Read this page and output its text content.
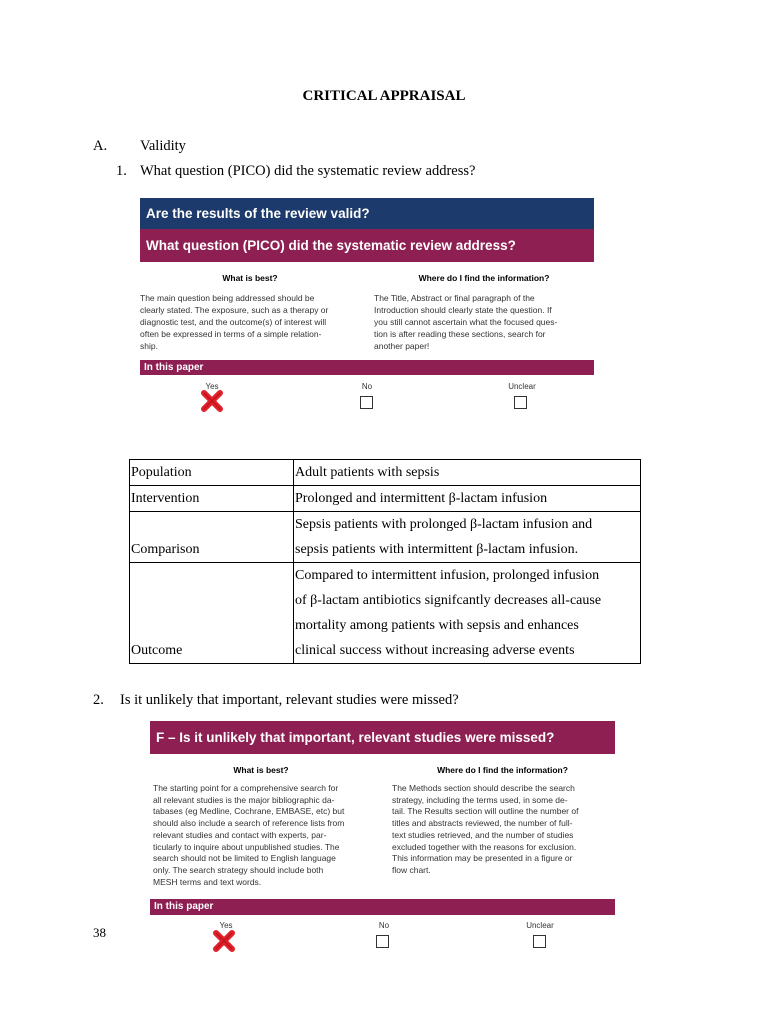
CRITICAL APPRAISAL
A. Validity
1. What question (PICO) did the systematic review address?
Are the results of the review valid?
What question (PICO) did the systematic review address?
What is best?	Where do I find the information?
The main question being addressed should be
clearly stated. The exposure, such as a therapy or
diagnostic test, and the outcome(s) of interest will
often be expressed in terms of a simple relation-
ship.
The Title, Abstract or final paragraph of the
Introduction should clearly state the question. If
you still cannot ascertain what the focused ques-
tion is after reading these sections, search for
another paper!
In this paper
Yes	No	Unclear
Population	Adult patients with sepsis

Intervention	Prolonged and intermittent β-lactam infusion

Comparison	Sepsis patients with prolonged β-lactam infusion and
sepsis patients with intermittent β-lactam infusion.

Outcome	Compared to intermittent infusion, prolonged infusion
of β-lactam antibiotics signifcantly decreases all-cause
mortality among patients with sepsis and enhances
clinical success without increasing adverse events
2. Is it unlikely that important, relevant studies were missed?
F – Is it unlikely that important, relevant studies were missed?
What is best?	Where do I find the information?
The starting point for a comprehensive search for
all relevant studies is the major bibliographic da-
tabases (eg Medline, Cochrane, EMBASE, etc) but
should also include a search of reference lists from
relevant studies and contact with experts, par-
ticularly to inquire about unpublished studies. The
search should not be limited to English language
only. The search strategy should include both
MESH terms and text words.
The Methods section should describe the search
strategy, including the terms used, in some de-
tail. The Results section will outline the number of
titles and abstracts reviewed, the number of full-
text studies retrieved, and the number of studies
excluded together with the reasons for exclusion.
This information may be presented in a figure or
flow chart.
In this paper
Yes	No	Unclear
38
